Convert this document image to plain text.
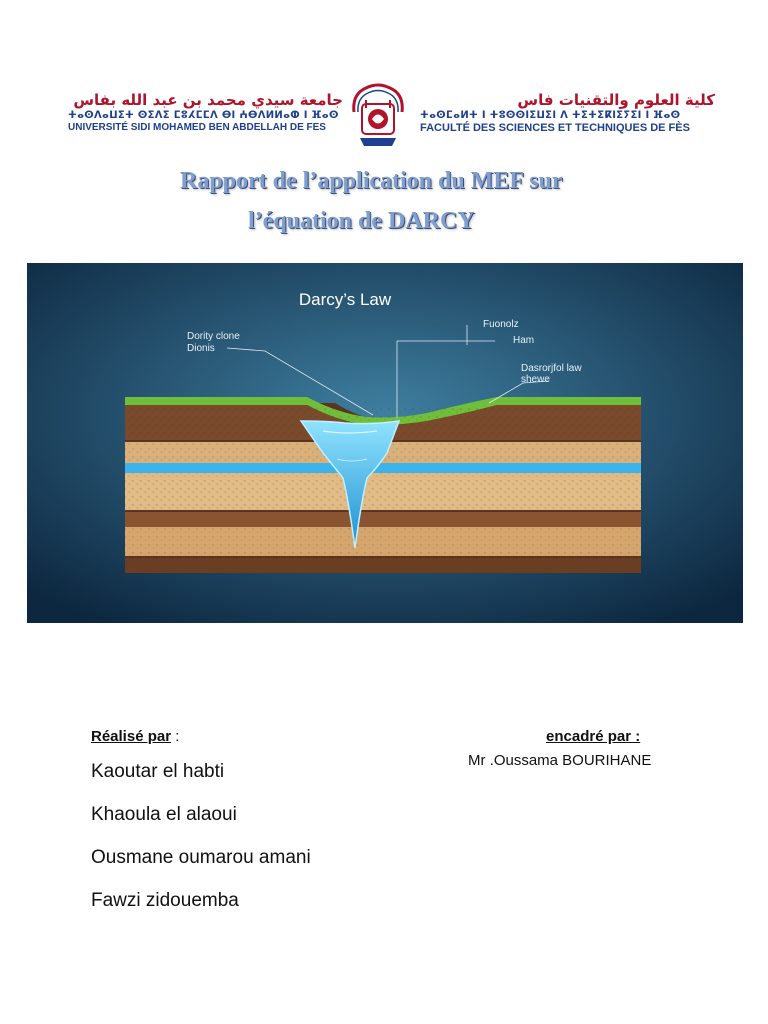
جامعة سيدي محمد بن عبد الله بفاس
ⵜⴰⵙⴷⴰⵡⵉⵜ ⵙⵉⴷⵉ ⵎⵓⵃⵎⵎⴷ ⴱⵏ ⵄⴱⴷⵍⵍⴰⵀ ⵏ ⴼⴰⵙ
UNIVERSITÉ SIDI MOHAMED BEN ABDELLAH DE FES
كلية العلوم والتقنيات فاس
ⵜⴰⵙⵎⴰⵍⵜ ⵏ ⵜⵓⵙⵙⵏⵉⵡⵉⵏ ⴷ ⵜⵉⵜⵉⴽⵏⵉⵢⵉⵏ ⵏ ⴼⴰⵙ
FACULTÉ DES SCIENCES ET TECHNIQUES DE FÈS
Rapport de l’application du MEF sur
l’équation de DARCY
Darcy’s Law
Dority clone
Dionis
Fuonolz
Ham
Dasrorjfol law
shewe
Réalisé par :
Kaoutar el habti
Khaoula el alaoui
Ousmane oumarou amani
Fawzi zidouemba
encadré par :
Mr .Oussama BOURIHANE
